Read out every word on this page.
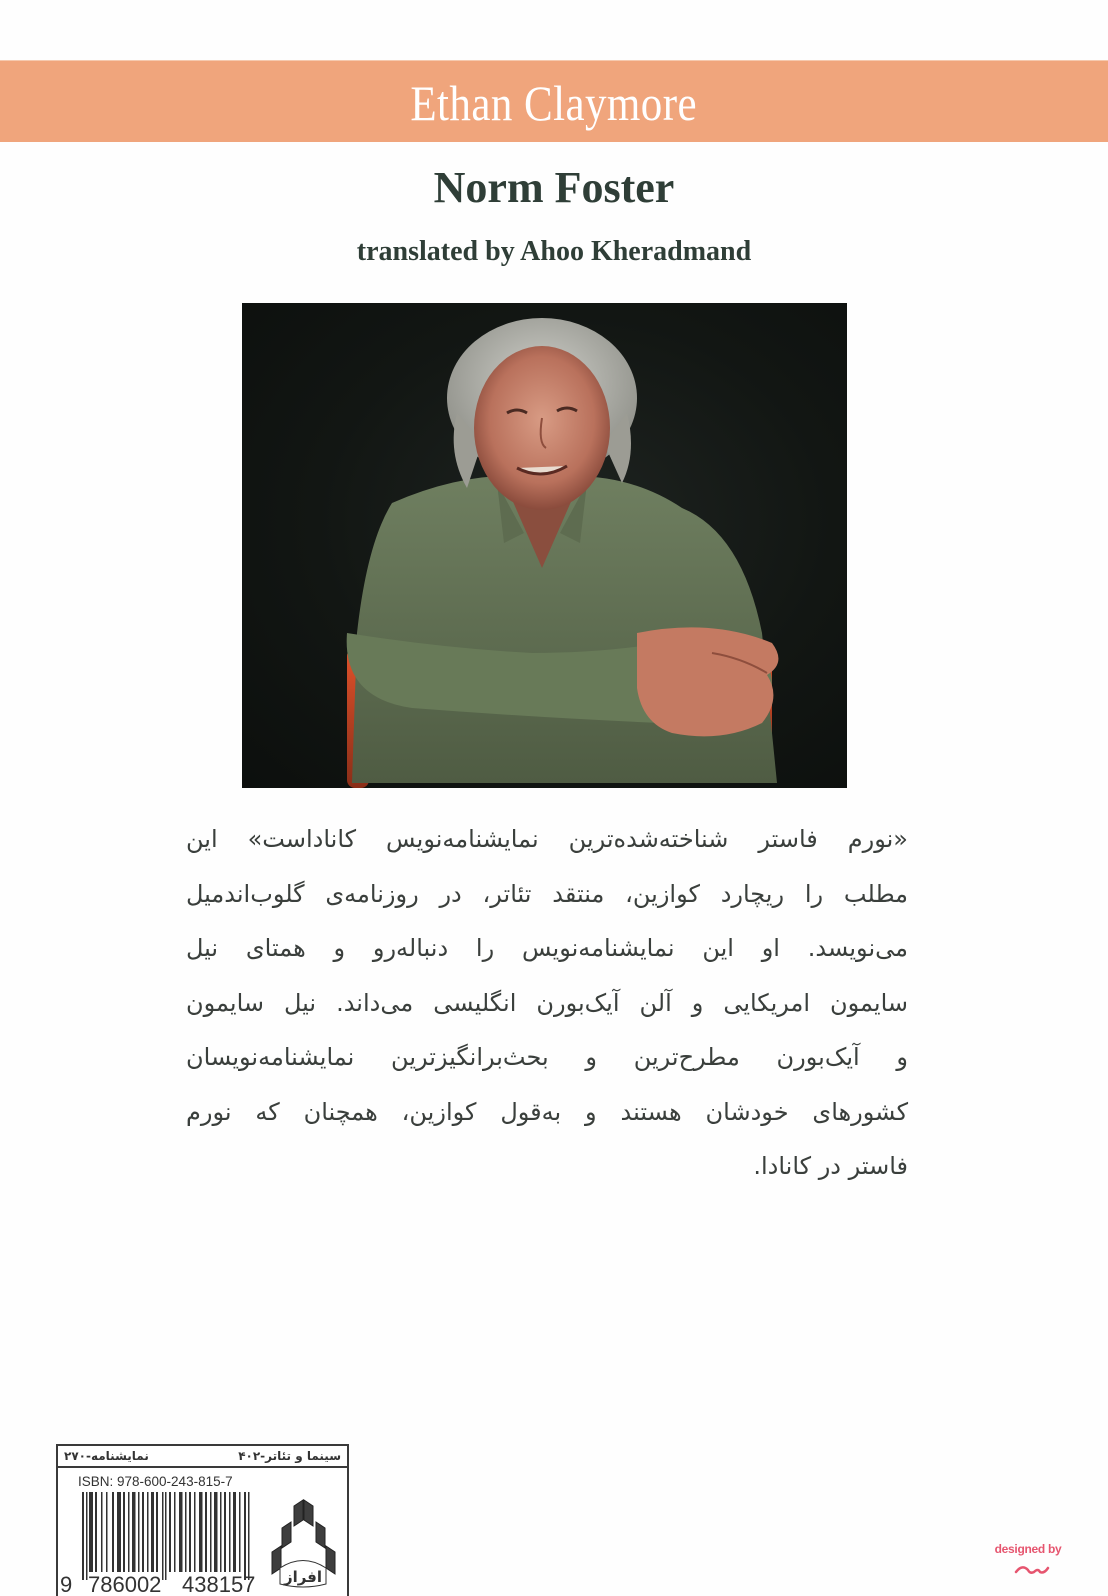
Ethan Claymore
Norm Foster
translated by Ahoo Kheradmand
«نورم فاستر شناخته‌شده‌ترین نمایشنامه‌نویس کاناداست» این
مطلب را ریچارد کوازین، منتقد تئاتر، در روزنامه‌ی گلوب‌اندمیل
می‌نویسد. او این نمایشنامه‌نویس را دنباله‌رو و همتای نیل
سایمون امریکایی و آلن آیک‌بورن انگلیسی می‌داند. نیل سایمون
و آیک‌بورن مطرح‌ترین و بحث‌برانگیزترین نمایشنامه‌نویسان
کشورهای خودشان هستند و به‌قول کوازین، همچنان که نورم
فاستر در کانادا.
سینما و تئاتر-۴۰۲
نمایشنامه-۲۷۰
ISBN: 978-600-243-815-7
9 786002 438157 افراز
designed by
